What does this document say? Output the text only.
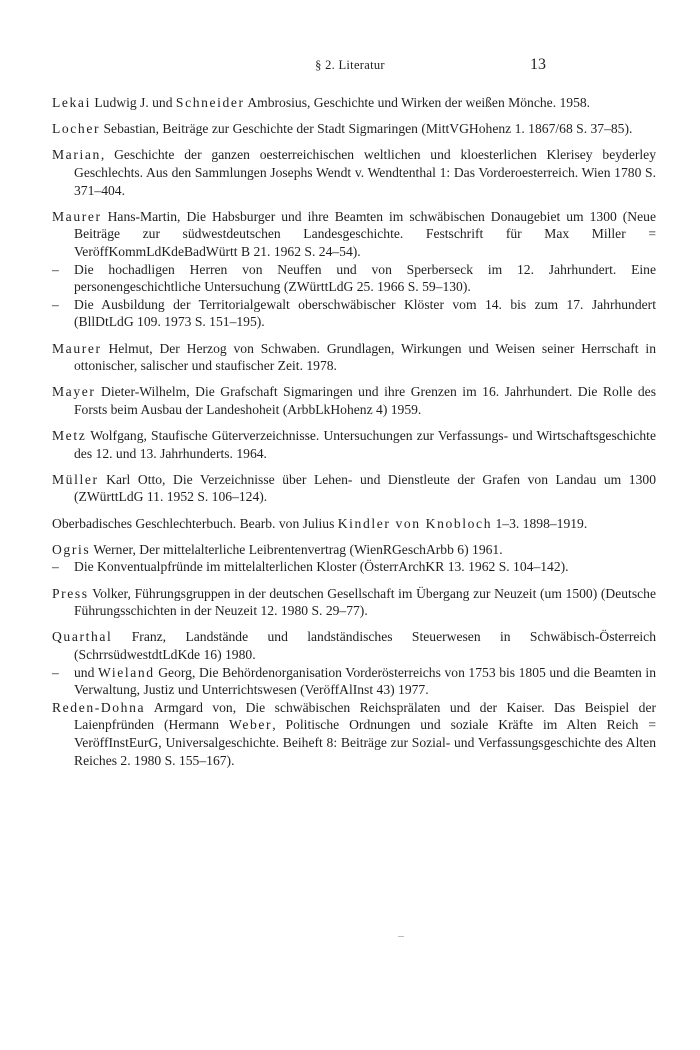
§ 2. Literatur	13

Lekai Ludwig J. und Schneider Ambrosius, Geschichte und Wirken der weißen Mönche. 1958.

Locher Sebastian, Beiträge zur Geschichte der Stadt Sigmaringen (MittVGHohenz 1. 1867/68 S. 37–85).

Marian, Geschichte der ganzen oesterreichischen weltlichen und kloesterlichen Klerisey beyderley Geschlechts. Aus den Sammlungen Josephs Wendt v. Wendtenthal 1: Das Vorderoesterreich. Wien 1780 S. 371–404.

Maurer Hans-Martin, Die Habsburger und ihre Beamten im schwäbischen Donaugebiet um 1300 (Neue Beiträge zur südwestdeutschen Landesgeschichte. Festschrift für Max Miller = VeröffKommLdKdeBadWürtt B 21. 1962 S. 24–54).

– Die hochadligen Herren von Neuffen und von Sperberseck im 12. Jahrhundert. Eine personengeschichtliche Untersuchung (ZWürttLdG 25. 1966 S. 59–130).

– Die Ausbildung der Territorialgewalt oberschwäbischer Klöster vom 14. bis zum 17. Jahrhundert (BllDtLdG 109. 1973 S. 151–195).

Maurer Helmut, Der Herzog von Schwaben. Grundlagen, Wirkungen und Weisen seiner Herrschaft in ottonischer, salischer und staufischer Zeit. 1978.

Mayer Dieter-Wilhelm, Die Grafschaft Sigmaringen und ihre Grenzen im 16. Jahrhundert. Die Rolle des Forsts beim Ausbau der Landeshoheit (ArbbLkHohenz 4) 1959.

Metz Wolfgang, Staufische Güterverzeichnisse. Untersuchungen zur Verfassungs- und Wirtschaftsgeschichte des 12. und 13. Jahrhunderts. 1964.

Müller Karl Otto, Die Verzeichnisse über Lehen- und Dienstleute der Grafen von Landau um 1300 (ZWürttLdG 11. 1952 S. 106–124).

Oberbadisches Geschlechterbuch. Bearb. von Julius Kindler von Knobloch 1–3. 1898–1919.

Ogris Werner, Der mittelalterliche Leibrentenvertrag (WienRGeschArbb 6) 1961.

– Die Konventualpfründe im mittelalterlichen Kloster (ÖsterrArchKR 13. 1962 S. 104–142).

Press Volker, Führungsgruppen in der deutschen Gesellschaft im Übergang zur Neuzeit (um 1500) (Deutsche Führungsschichten in der Neuzeit 12. 1980 S. 29–77).

Quarthal Franz, Landstände und landständisches Steuerwesen in Schwäbisch-Österreich (SchrrsüdwestdtLdKde 16) 1980.

– und Wieland Georg, Die Behördenorganisation Vorderösterreichs von 1753 bis 1805 und die Beamten in Verwaltung, Justiz und Unterrichtswesen (VeröffAlInst 43) 1977.

Reden-Dohna Armgard von, Die schwäbischen Reichsprälaten und der Kaiser. Das Beispiel der Laienpfründen (Hermann Weber, Politische Ordnungen und soziale Kräfte im Alten Reich = VeröffInstEurG, Universalgeschichte. Beiheft 8: Beiträge zur Sozial- und Verfassungsgeschichte des Alten Reiches 2. 1980 S. 155–167).
